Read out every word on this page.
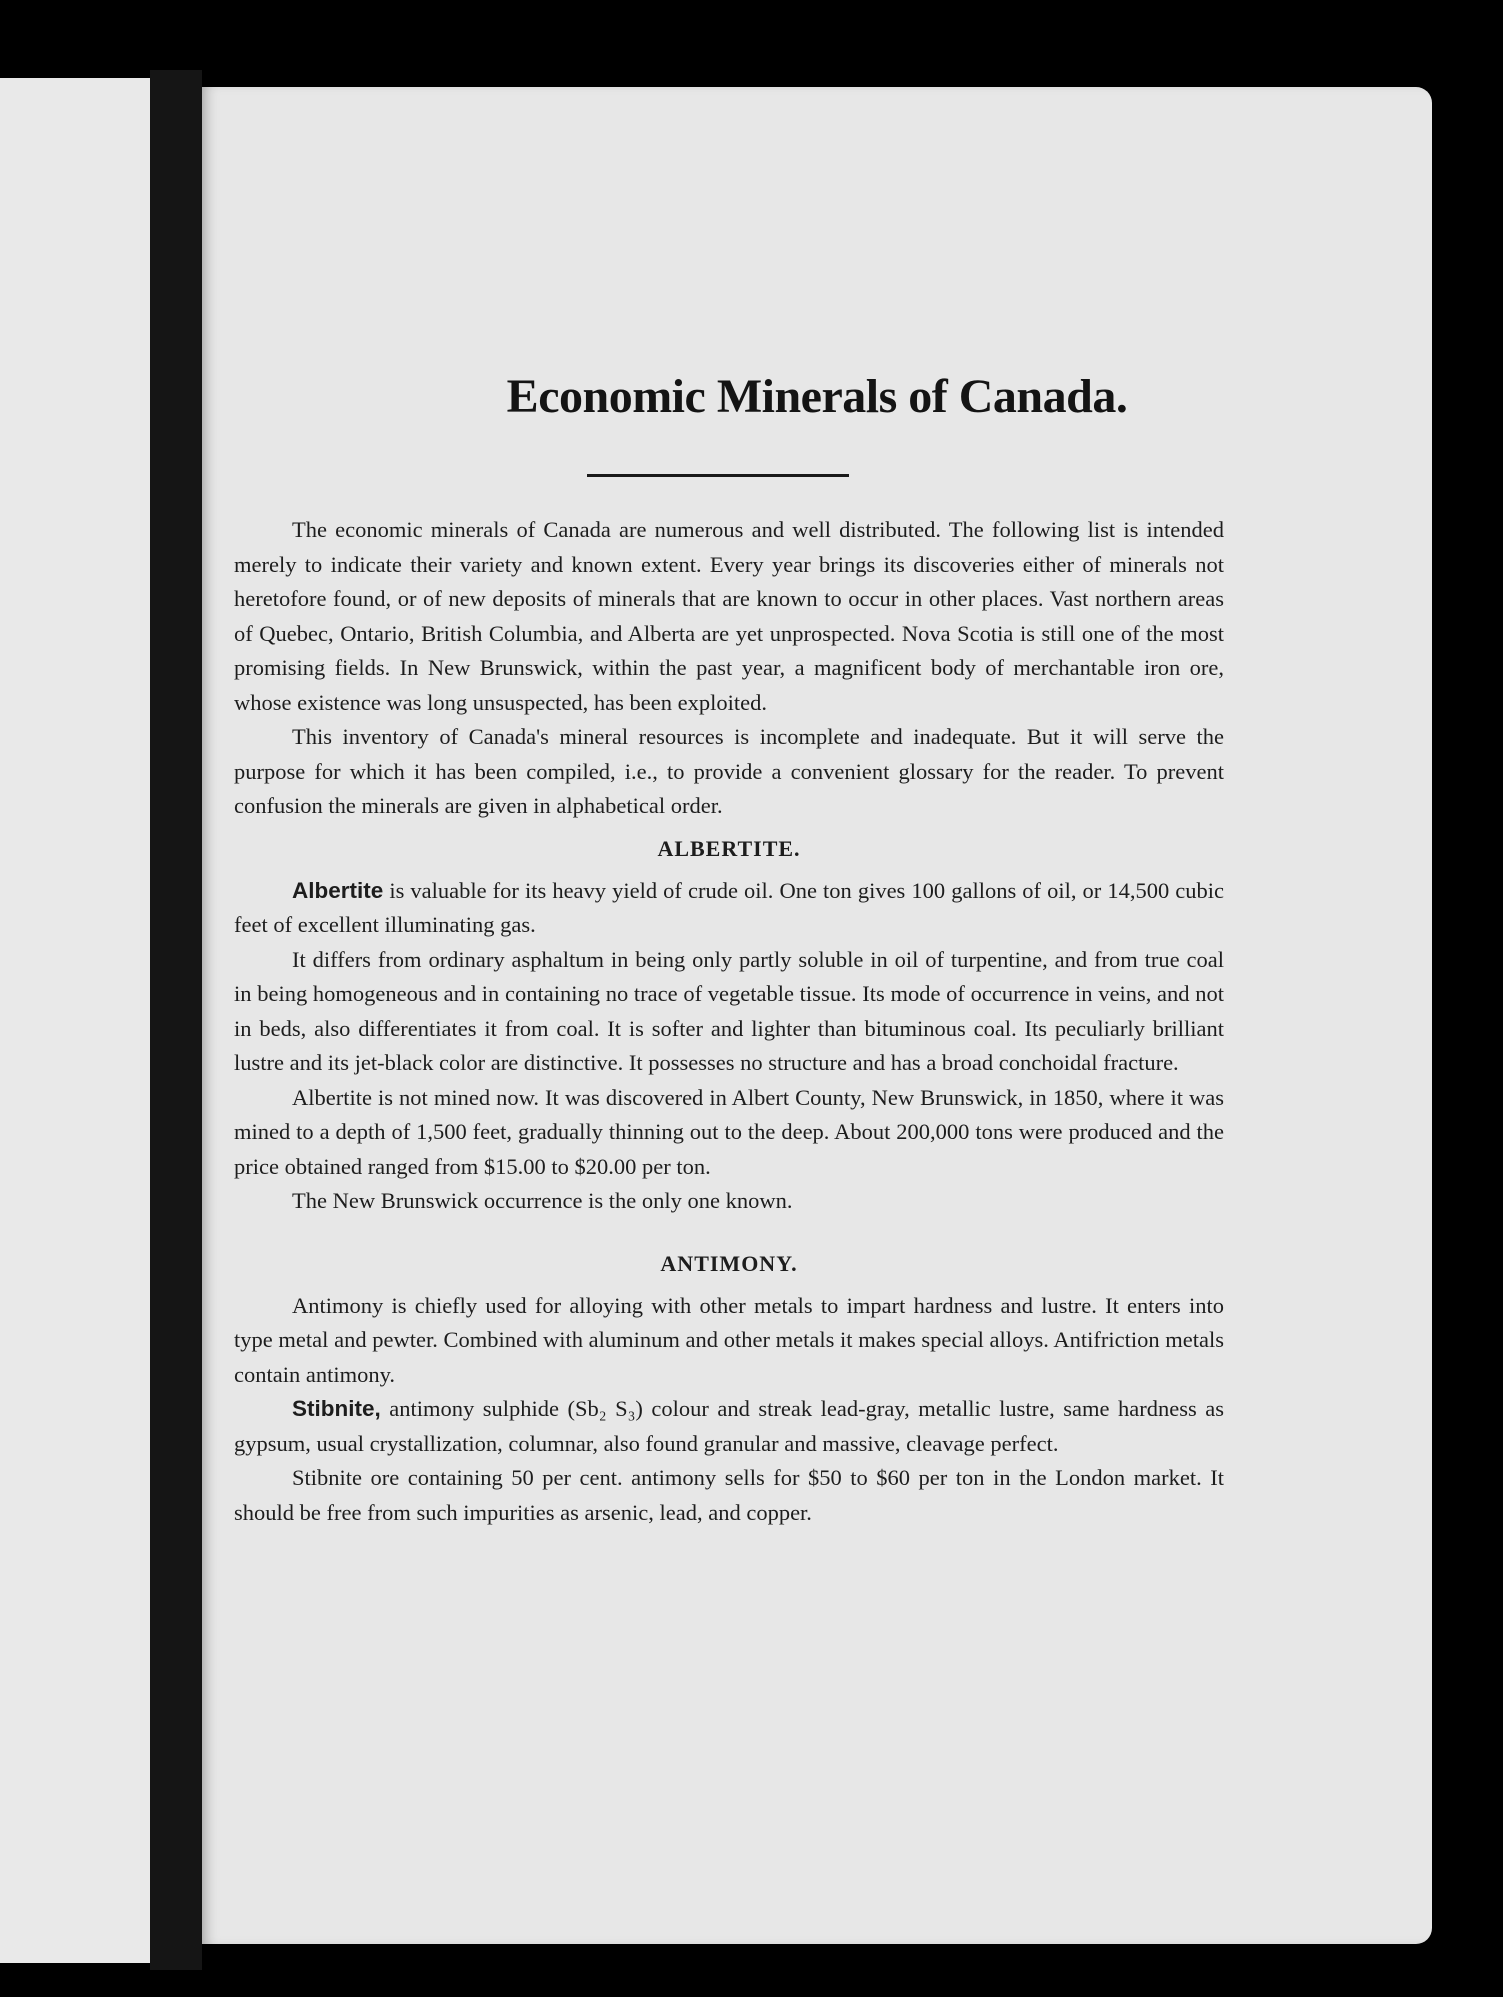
Economic Minerals of Canada.

The economic minerals of Canada are numerous and well distributed. The following list is intended merely to indicate their variety and known extent. Every year brings its discoveries either of minerals not heretofore found, or of new deposits of minerals that are known to occur in other places. Vast northern areas of Quebec, Ontario, British Columbia, and Alberta are yet unprospected. Nova Scotia is still one of the most promising fields. In New Brunswick, within the past year, a magnificent body of merchantable iron ore, whose existence was long unsuspected, has been exploited.

This inventory of Canada's mineral resources is incomplete and inadequate. But it will serve the purpose for which it has been compiled, i.e., to provide a convenient glossary for the reader. To prevent confusion the minerals are given in alphabetical order.

ALBERTITE.

Albertite is valuable for its heavy yield of crude oil. One ton gives 100 gallons of oil, or 14,500 cubic feet of excellent illuminating gas.

It differs from ordinary asphaltum in being only partly soluble in oil of turpentine, and from true coal in being homogeneous and in containing no trace of vegetable tissue. Its mode of occurrence in veins, and not in beds, also differentiates it from coal. It is softer and lighter than bituminous coal. Its peculiarly brilliant lustre and its jet-black color are distinctive. It possesses no structure and has a broad conchoidal fracture.

Albertite is not mined now. It was discovered in Albert County, New Brunswick, in 1850, where it was mined to a depth of 1,500 feet, gradually thinning out to the deep. About 200,000 tons were produced and the price obtained ranged from $15.00 to $20.00 per ton.

The New Brunswick occurrence is the only one known.

ANTIMONY.

Antimony is chiefly used for alloying with other metals to impart hardness and lustre. It enters into type metal and pewter. Combined with aluminum and other metals it makes special alloys. Antifriction metals contain antimony.

Stibnite, antimony sulphide (Sb₂ S₃) colour and streak lead-gray, metallic lustre, same hardness as gypsum, usual crystallization, columnar, also found granular and massive, cleavage perfect.

Stibnite ore containing 50 per cent. antimony sells for $50 to $60 per ton in the London market. It should be free from such impurities as arsenic, lead, and copper.
